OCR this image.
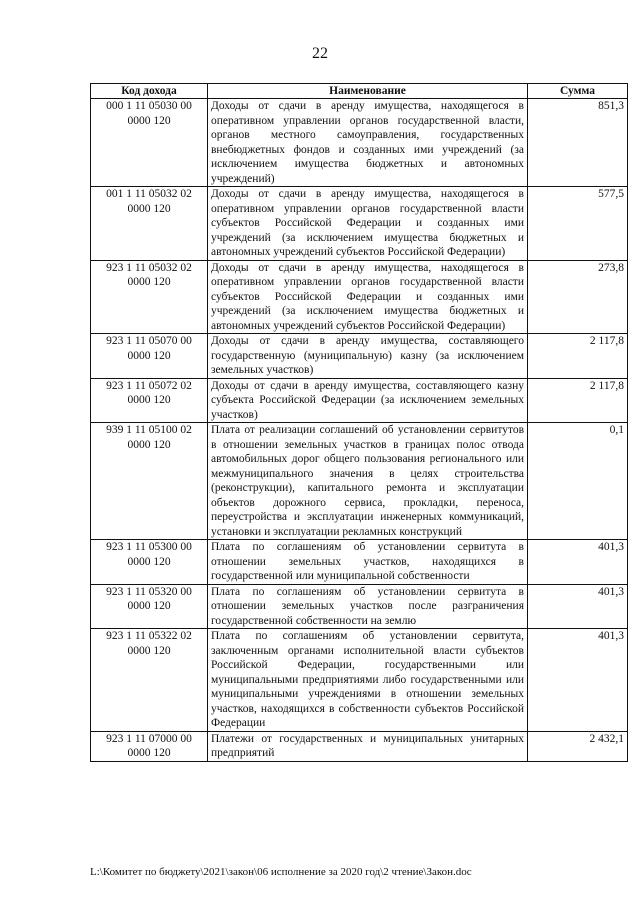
22
Код дохода	Наименование	Сумма
000 1 11 05030 00 0000 120	Доходы от сдачи в аренду имущества, находящегося в оперативном управлении органов государственной власти, органов местного самоуправления, государственных внебюджетных фондов и созданных ими учреждений (за исключением имущества бюджетных и автономных учреждений)	851,3
001 1 11 05032 02 0000 120	Доходы от сдачи в аренду имущества, находящегося в оперативном управлении органов государственной власти субъектов Российской Федерации и созданных ими учреждений (за исключением имущества бюджетных и автономных учреждений субъектов Российской Федерации)	577,5
923 1 11 05032 02 0000 120	Доходы от сдачи в аренду имущества, находящегося в оперативном управлении органов государственной власти субъектов Российской Федерации и созданных ими учреждений (за исключением имущества бюджетных и автономных учреждений субъектов Российской Федерации)	273,8
923 1 11 05070 00 0000 120	Доходы от сдачи в аренду имущества, составляющего государственную (муниципальную) казну (за исключением земельных участков)	2 117,8
923 1 11 05072 02 0000 120	Доходы от сдачи в аренду имущества, составляющего казну субъекта Российской Федерации (за исключением земельных участков)	2 117,8
939 1 11 05100 02 0000 120	Плата от реализации соглашений об установлении сервитутов в отношении земельных участков в границах полос отвода автомобильных дорог общего пользования регионального или межмуниципального значения в целях строительства (реконструкции), капитального ремонта и эксплуатации объектов дорожного сервиса, прокладки, переноса, переустройства и эксплуатации инженерных коммуникаций, установки и эксплуатации рекламных конструкций	0,1
923 1 11 05300 00 0000 120	Плата по соглашениям об установлении сервитута в отношении земельных участков, находящихся в государственной или муниципальной собственности	401,3
923 1 11 05320 00 0000 120	Плата по соглашениям об установлении сервитута в отношении земельных участков после разграничения государственной собственности на землю	401,3
923 1 11 05322 02 0000 120	Плата по соглашениям об установлении сервитута, заключенным органами исполнительной власти субъектов Российской Федерации, государственными или муниципальными предприятиями либо государственными или муниципальными учреждениями в отношении земельных участков, находящихся в собственности субъектов Российской Федерации	401,3
923 1 11 07000 00 0000 120	Платежи от государственных и муниципальных унитарных предприятий	2 432,1
L:\Комитет по бюджету\2021\закон\06 исполнение за 2020 год\2 чтение\Закон.doc
